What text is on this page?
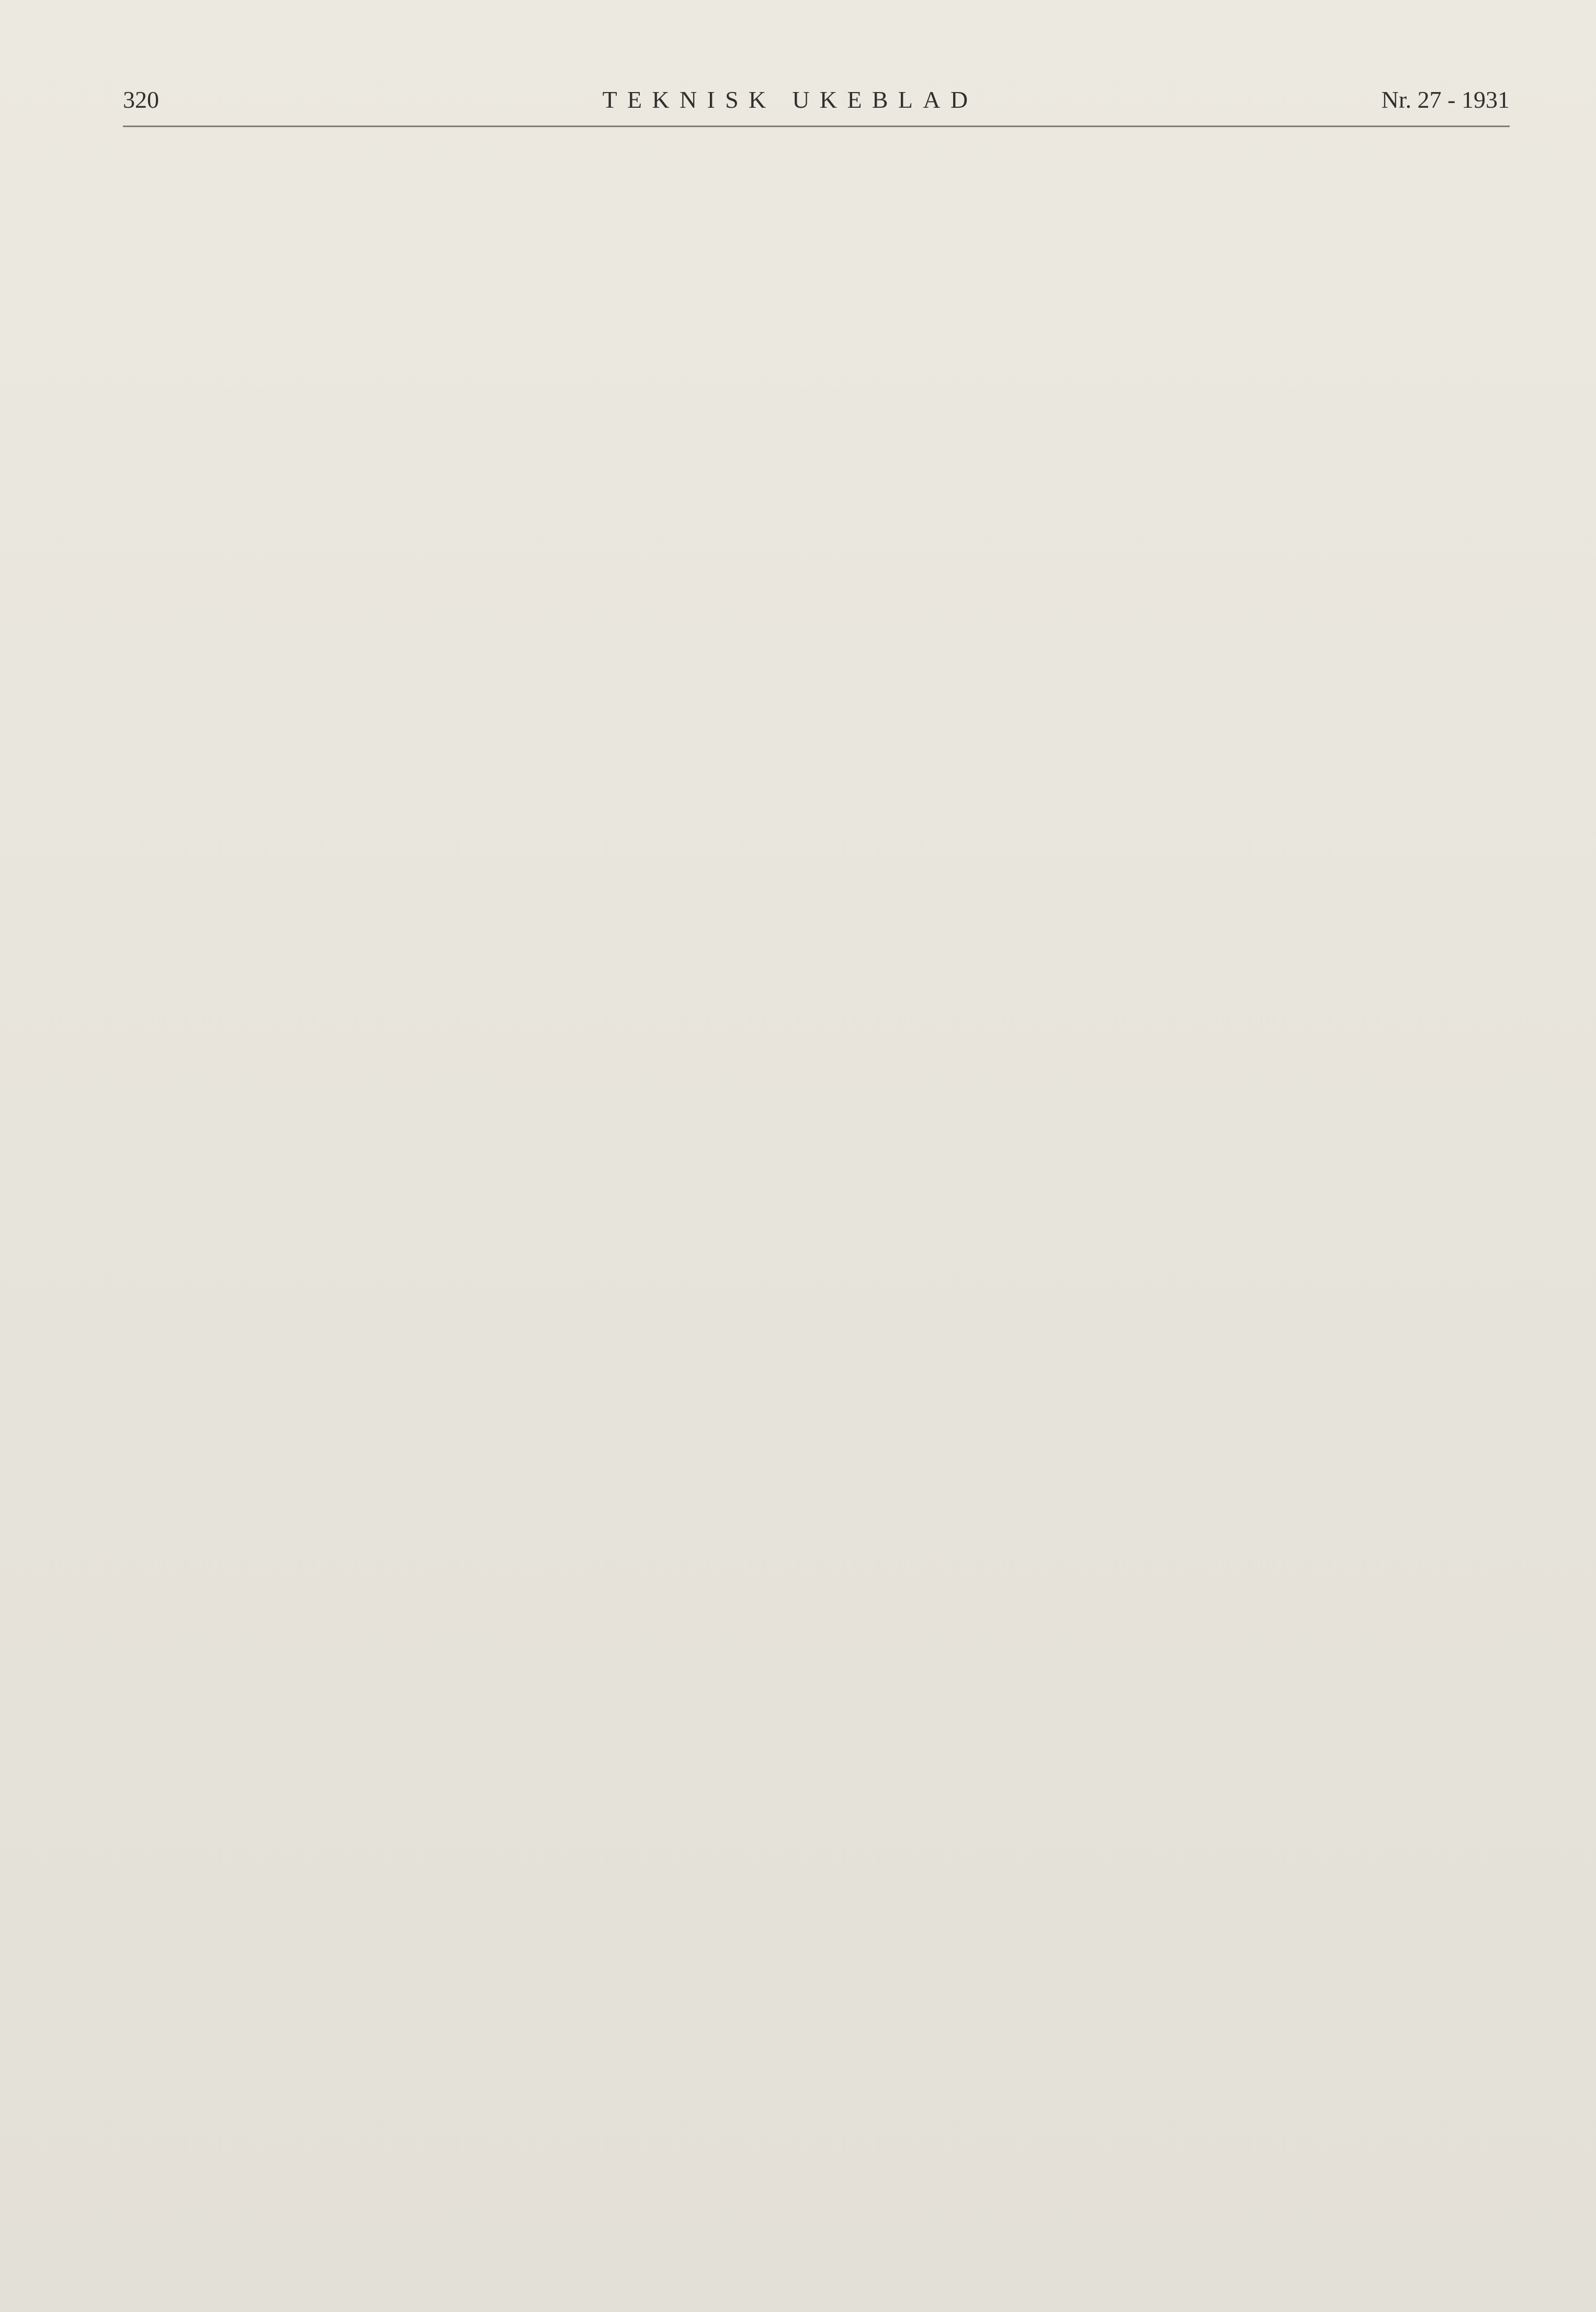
320	TEKNISK UKEBLAD	Nr. 27 - 1931
